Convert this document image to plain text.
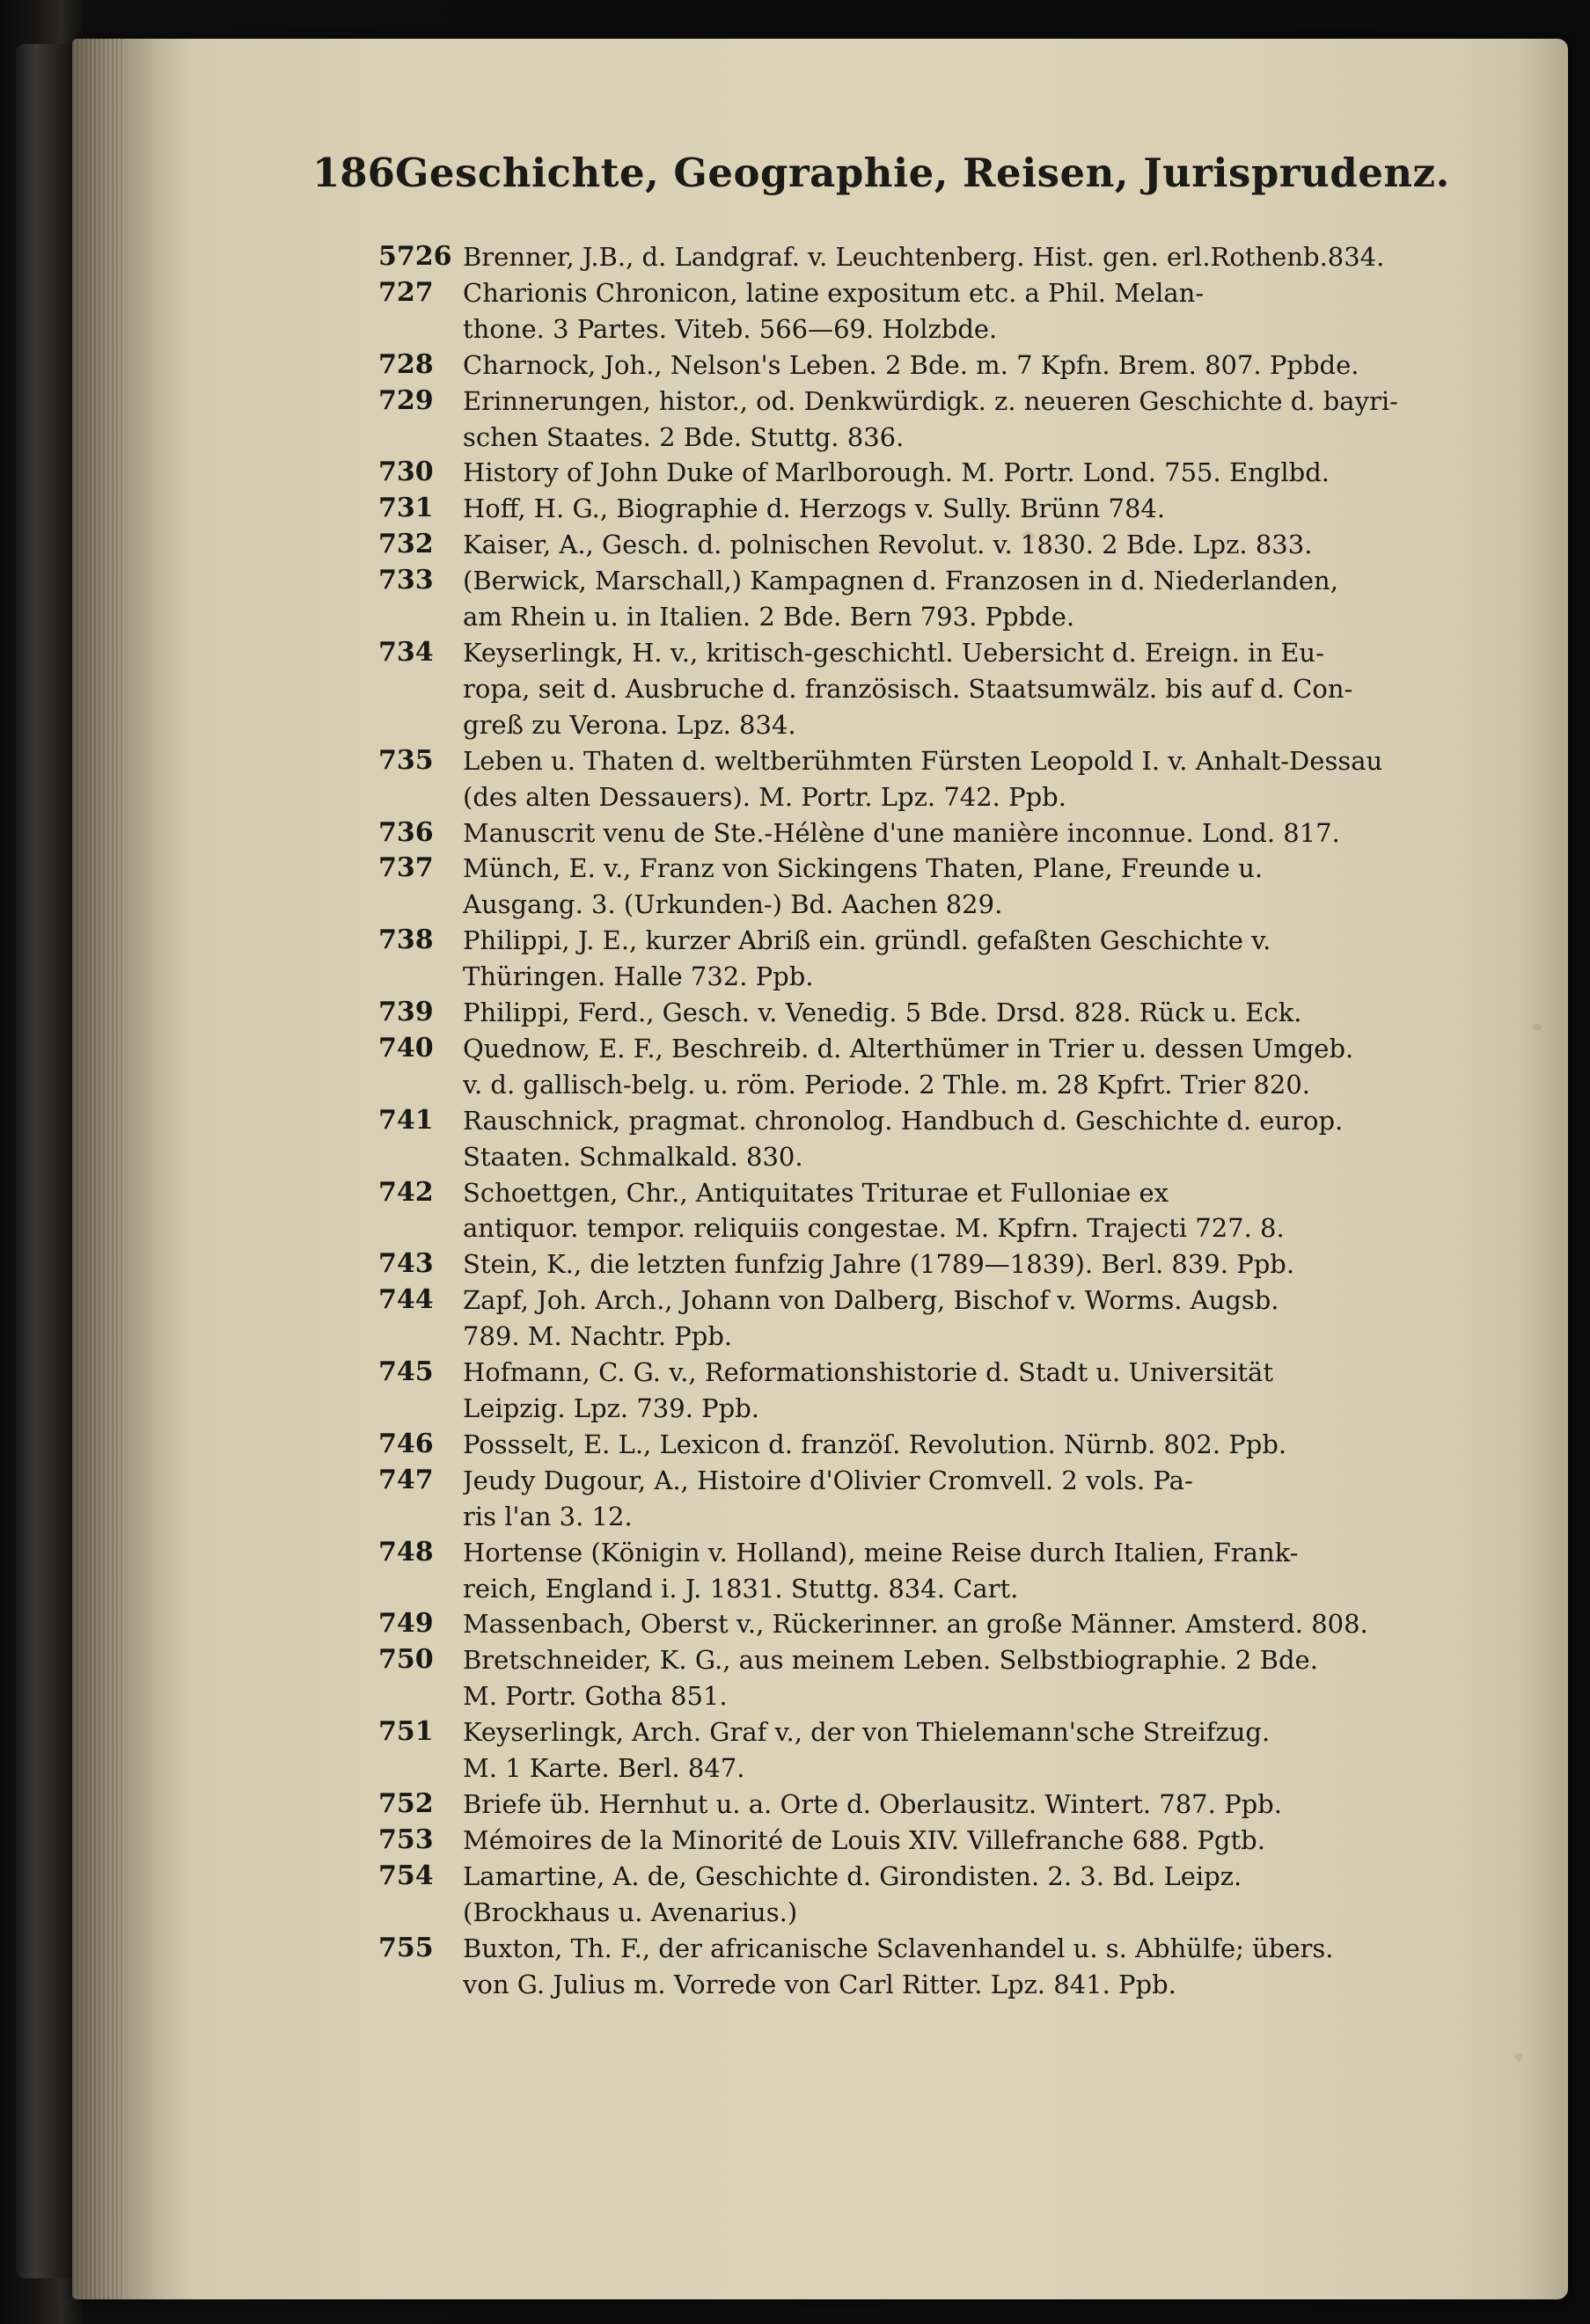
186 Geschichte, Geographie, Reisen, Jurisprudenz.
5726 Brenner, J.B., d. Landgraf. v. Leuchtenberg. Hist. gen. erl.Rothenb.834.
727	Charionis Chronicon, latine expositum etc. a Phil. Melan-
thone. 3 Partes. Viteb. 566—69. Holzbde.
728	Charnock, Joh., Nelson's Leben. 2 Bde. m. 7 Kpfn. Brem. 807. Ppbde.
729	Erinnerungen, histor., od. Denkwürdigk. z. neueren Geschichte d. bayri-
schen Staates. 2 Bde. Stuttg. 836.
730	History of John Duke of Marlborough. M. Portr. Lond. 755. Englbd.
731	Hoff, H. G., Biographie d. Herzogs v. Sully. Brünn 784.
732	Kaiser, A., Gesch. d. polnischen Revolut. v. 1830. 2 Bde. Lpz. 833.
733	(Berwick, Marschall,) Kampagnen d. Franzosen in d. Niederlanden,
am Rhein u. in Italien. 2 Bde. Bern 793. Ppbde.
734	Keyserlingk, H. v., kritisch-geschichtl. Uebersicht d. Ereign. in Eu-
ropa, seit d. Ausbruche d. französisch. Staatsumwälz. bis auf d. Con-
greß zu Verona. Lpz. 834.
735	Leben u. Thaten d. weltberühmten Fürsten Leopold I. v. Anhalt-Dessau
(des alten Dessauers). M. Portr. Lpz. 742. Ppb.
736	Manuscrit venu de Ste.-Hélène d'une manière inconnue. Lond. 817.
737	Münch, E. v., Franz von Sickingens Thaten, Plane, Freunde u.
Ausgang. 3. (Urkunden-) Bd. Aachen 829.
738	Philippi, J. E., kurzer Abriß ein. gründl. gefaßten Geschichte v.
Thüringen. Halle 732. Ppb.
739	Philippi, Ferd., Gesch. v. Venedig. 5 Bde. Drsd. 828. Rück u. Eck.
740	Quednow, E. F., Beschreib. d. Alterthümer in Trier u. dessen Umgeb.
v. d. gallisch-belg. u. röm. Periode. 2 Thle. m. 28 Kpfrt. Trier 820.
741	Rauschnick, pragmat. chronolog. Handbuch d. Geschichte d. europ.
Staaten. Schmalkald. 830.
742	Schoettgen, Chr., Antiquitates Triturae et Fulloniae ex
antiquor. tempor. reliquiis congestae. M. Kpfrn. Trajecti 727. 8.
743	Stein, K., die letzten funfzig Jahre (1789—1839). Berl. 839. Ppb.
744	Zapf, Joh. Arch., Johann von Dalberg, Bischof v. Worms. Augsb.
789. M. Nachtr. Ppb.
745	Hofmann, C. G. v., Reformationshistorie d. Stadt u. Universität
Leipzig. Lpz. 739. Ppb.
746	Possselt, E. L., Lexicon d. franzöſ. Revolution. Nürnb. 802. Ppb.
747	Jeudy Dugour, A., Histoire d'Olivier Cromvell. 2 vols. Pa-
ris l'an 3. 12.
748	Hortense (Königin v. Holland), meine Reise durch Italien, Frank-
reich, England i. J. 1831. Stuttg. 834. Cart.
749	Massenbach, Oberst v., Rückerinner. an große Männer. Amsterd. 808.
750	Bretschneider, K. G., aus meinem Leben. Selbstbiographie. 2 Bde.
M. Portr. Gotha 851.
751	Keyserlingk, Arch. Graf v., der von Thielemann'sche Streifzug.
M. 1 Karte. Berl. 847.
752	Briefe üb. Hernhut u. a. Orte d. Oberlausitz. Wintert. 787. Ppb.
753	Mémoires de la Minorité de Louis XIV. Villefranche 688. Pgtb.
754	Lamartine, A. de, Geschichte d. Girondisten. 2. 3. Bd. Leipz.
(Brockhaus u. Avenarius.)
755	Buxton, Th. F., der africanische Sclavenhandel u. s. Abhülfe; übers.
von G. Julius m. Vorrede von Carl Ritter. Lpz. 841. Ppb.
